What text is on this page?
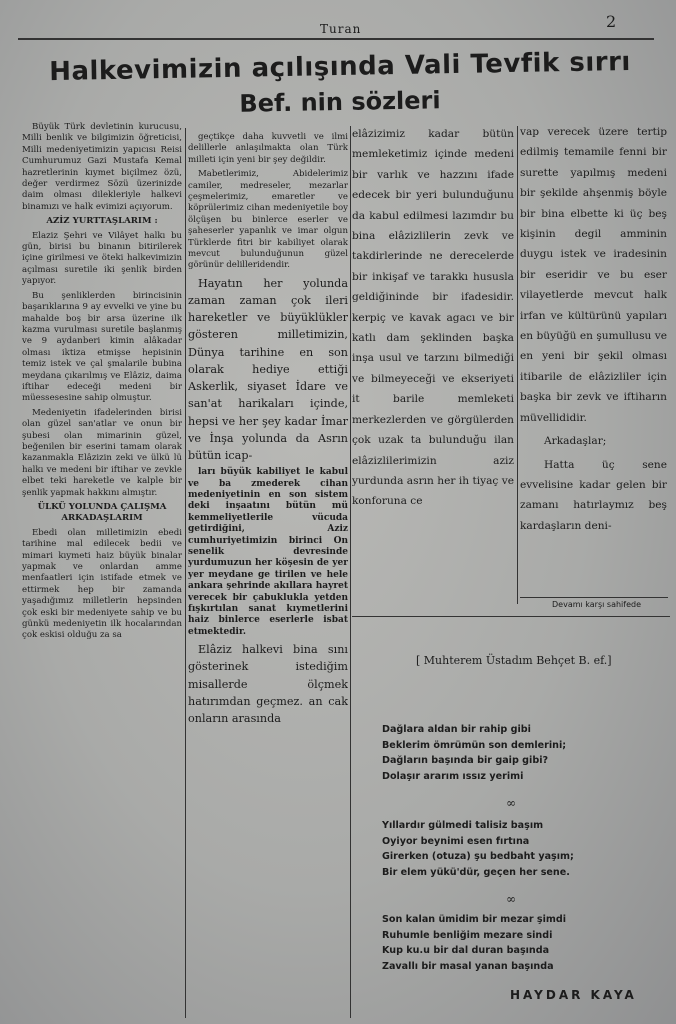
Turan	2
Halkevimizin açılışında Vali Tevfik sırrı
Bef. nin sözleri

Büyük Türk devletinin kurucusu, Milli benlik ve bilgimizin öğreticisi, Milli medeniyetimizin yapıcısı Reisi Cumhurumuz Gazi Mustafa Kemal hazretlerinin kıymet biçilmez özü, değer verdirmez Sözü üzerinizde daim olması dilekleriyle halkevi binamızı ve halk evimizi açıyorum.

AZİZ YURTTAŞLARIM :

Elaziz Şehri ve Vilâyet halkı bu gün, birisi bu binanın bitirilerek içine girilmesi ve öteki halkevimizin açılması suretile iki şenlik birden yapıyor.

Bu şenliklerden birincisinin başarıklarına 9 ay evvelki ve yine bu mahalde boş bir arsa üzerine ilk kazma vurulması suretile başlanmış ve 9 aydanberi kimin alâkadar olması iktiza etmişse hepisinin temiz istek ve çal şmalarile bubina meydana çıkarılmış ve Elâziz, daima iftihar edeceği medeni bir müessesesine sahip olmuştur.

Medeniyetin ifadelerinden birisi olan güzel san'atlar ve onun bir şubesi olan mimarinin güzel, beğenilen bir eserini tamam olarak kazanmakla Elâzizin zeki ve ülkü lü halkı ve medeni bir iftihar ve zevkle elbet teki hareketle ve kalple bir şenlik yapmak hakkını almıştır.

ÜLKÜ YOLUNDA ÇALIŞMA ARKADAŞLARIM

Ebedi olan milletimizin ebedi tarihine mal edilecek bedii ve mimari kıymeti haiz büyük binalar yapmak ve onlardan amme menfaatleri için istifade etmek ve ettirmek hep bir zamanda yaşadığımız milletlerin hepsinden çok eski bir medeniyete sahip ve bu günkü medeniyetin ilk hocalarından çok eskisi olduğu za sa

geçtikçe daha kuvvetli ve ilmi delillerle anlaşılmakta olan Türk milleti için yeni bir şey değildir.

Mabetlerimiz, Abidelerimiz camiler, medreseler, mezarlar çeşmelerimiz, emaretler ve köprülerimiz cihan medeniyetile boy ölçüşen bu binlerce eserler ve şaheserler yapanlık ve imar olgun Türklerde fitri bir kabiliyet olarak mevcut bulunduğunun güzel görünür delilleridendir.

Hayatın her yolunda zaman zaman çok ileri hareketler ve büyüklükler gösteren milletimizin, Dünya tarihine en son olarak hediye ettiği Askerlik, siyaset İdare ve san'at harikaları içinde, hepsi ve her şey kadar İmar ve İnşa yolunda da Asrın bütün icap-

ları büyük kabiliyet le kabul ve ba zmederek cihan medeniyetinin en son sistem deki inşaatını bütün mü kemmeliyetlerile vücuda getirdiğini, Aziz cumhuriyetimizin birinci On senelik devresinde yurdumuzun her köşesin de yer yer meydane ge tirilen ve hele ankara şehrinde akıllara hayret verecek bir çabuklukla yetden fışkırtılan sanat kıymetlerini haiz binlerce eserlerle isbat etmektedir.

Elâziz halkevi bina sını gösterinek istediğim misallerde ölçmek hatırımdan geçmez. an cak onların arasında

elâzizimiz kadar bütün memleketimiz içinde medeni bir varlık ve hazzını ifade edecek bir yeri bulunduğunu da kabul edilmesi lazımdır bu bina elâzizlilerin zevk ve takdirlerinde ne derecelerde bir inkişaf ve tarakkı hususla geldiğininde bir ifadesidir. kerpiç ve kavak agacı ve bir katlı dam şeklinden başka inşa usul ve tarzını bilmediği ve bilmeyeceği ve ekseriyeti it barile memleketi merkezlerden ve görgülerden çok uzak ta bulunduğu ilan elâzizlilerimizin aziz yurdunda asrın her ih tiyaç ve konforuna ce

vap verecek üzere tertip edilmiş temamile fenni bir surette yapılmış medeni bir şekilde ahşenmiş böyle bir bina elbette ki üç beş kişinin degil amminin duygu istek ve iradesinin bir eseridir ve bu eser vilayetlerde mevcut halk irfan ve kültürünü yapıları en büyüğü en şumullusu ve en yeni bir şekil olması itibarile de elâzizliler için başka bir zevk ve iftiharın müvellididir.

Arkadaşlar;

Hatta üç sene evvelisine kadar gelen bir zamanı hatırlaymız beş kardaşların deni-

Devamı karşı sahifede
[ Muhterem Üstadım Behçet B. ef.]
Dağlara aldan bir rahip gibi
Beklerim ömrümün son demlerini;
Dağların başında bir gaip gibi?
Dolaşır ararım ıssız yerimi
∞
Yıllardır gülmedi talisiz başım
Oyiyor beynimi esen fırtına
Girerken (otuza) şu bedbaht yaşım;
Bir elem yükü'dür, geçen her sene.
∞
Son kalan ümidim bir mezar şimdi
Ruhumle benliğim mezare sindi
Kup ku.u bir dal duran başında
Zavallı bir masal yanan başında
HAYDAR KAYA
